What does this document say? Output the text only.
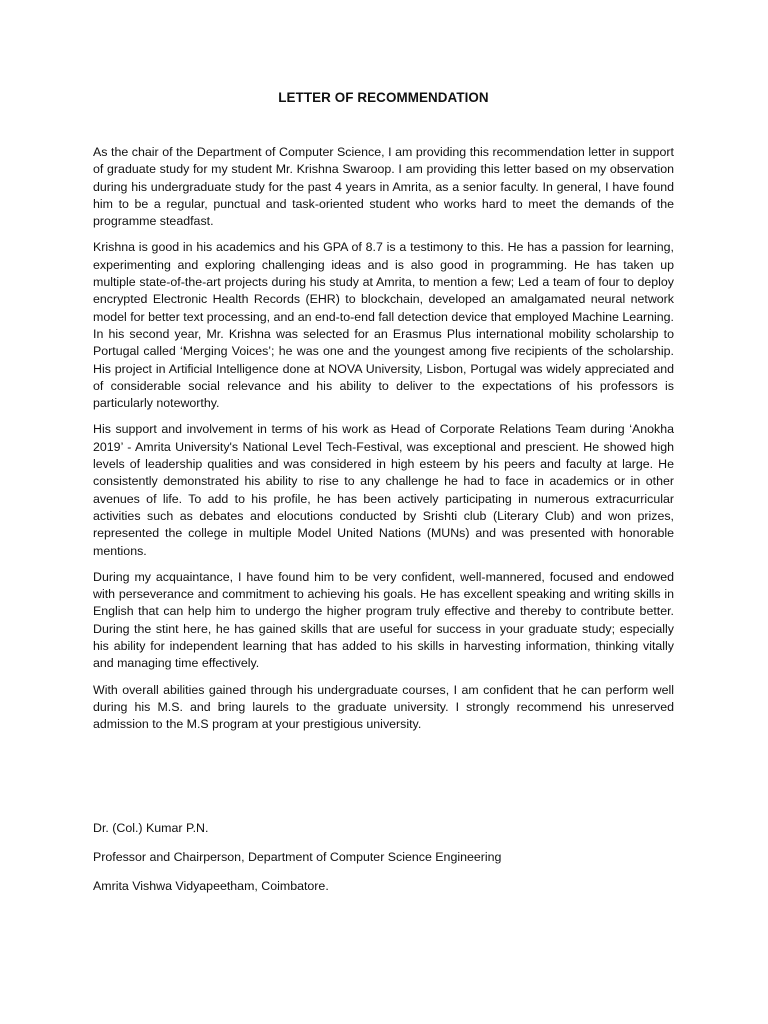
LETTER OF RECOMMENDATION

As the chair of the Department of Computer Science, I am providing this recommendation letter in support of graduate study for my student Mr. Krishna Swaroop. I am providing this letter based on my observation during his undergraduate study for the past 4 years in Amrita, as a senior faculty. In general, I have found him to be a regular, punctual and task-oriented student who works hard to meet the demands of the programme steadfast.

Krishna is good in his academics and his GPA of 8.7 is a testimony to this. He has a passion for learning, experimenting and exploring challenging ideas and is also good in programming. He has taken up multiple state-of-the-art projects during his study at Amrita, to mention a few; Led a team of four to deploy encrypted Electronic Health Records (EHR) to blockchain, developed an amalgamated neural network model for better text processing, and an end-to-end fall detection device that employed Machine Learning. In his second year, Mr. Krishna was selected for an Erasmus Plus international mobility scholarship to Portugal called ‘Merging Voices’; he was one and the youngest among five recipients of the scholarship. His project in Artificial Intelligence done at NOVA University, Lisbon, Portugal was widely appreciated and of considerable social relevance and his ability to deliver to the expectations of his professors is particularly noteworthy.

His support and involvement in terms of his work as Head of Corporate Relations Team during ‘Anokha 2019’ - Amrita University's National Level Tech-Festival, was exceptional and prescient. He showed high levels of leadership qualities and was considered in high esteem by his peers and faculty at large. He consistently demonstrated his ability to rise to any challenge he had to face in academics or in other avenues of life. To add to his profile, he has been actively participating in numerous extracurricular activities such as debates and elocutions conducted by Srishti club (Literary Club) and won prizes, represented the college in multiple Model United Nations (MUNs) and was presented with honorable mentions.

During my acquaintance, I have found him to be very confident, well-mannered, focused and endowed with perseverance and commitment to achieving his goals. He has excellent speaking and writing skills in English that can help him to undergo the higher program truly effective and thereby to contribute better. During the stint here, he has gained skills that are useful for success in your graduate study; especially his ability for independent learning that has added to his skills in harvesting information, thinking vitally and managing time effectively.

With overall abilities gained through his undergraduate courses, I am confident that he can perform well during his M.S. and bring laurels to the graduate university. I strongly recommend his unreserved admission to the M.S program at your prestigious university.

Dr. (Col.) Kumar P.N.
Professor and Chairperson, Department of Computer Science Engineering
Amrita Vishwa Vidyapeetham, Coimbatore.
